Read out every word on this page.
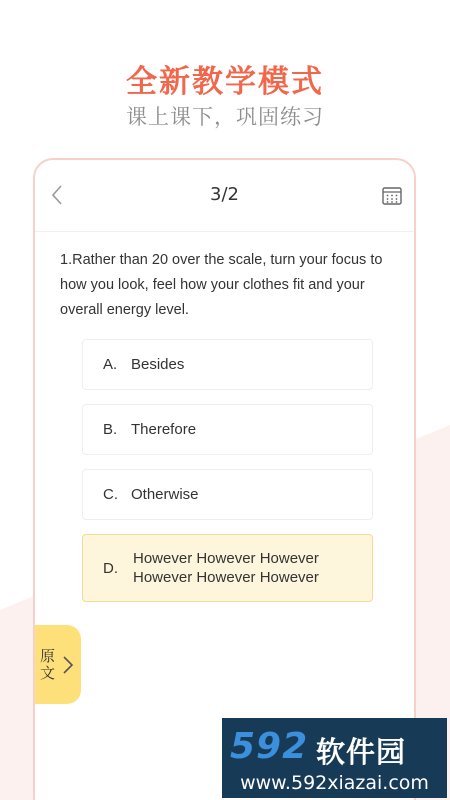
全新教学模式
课上课下，巩固练习
3/2
1.Rather than 20 over the scale, turn your focus to how you look, feel how your clothes fit and your overall energy level.
A. Besides
B. Therefore
C. Otherwise
D.
However However However However However However
原文
592 软件园
www.592xiazai.com
